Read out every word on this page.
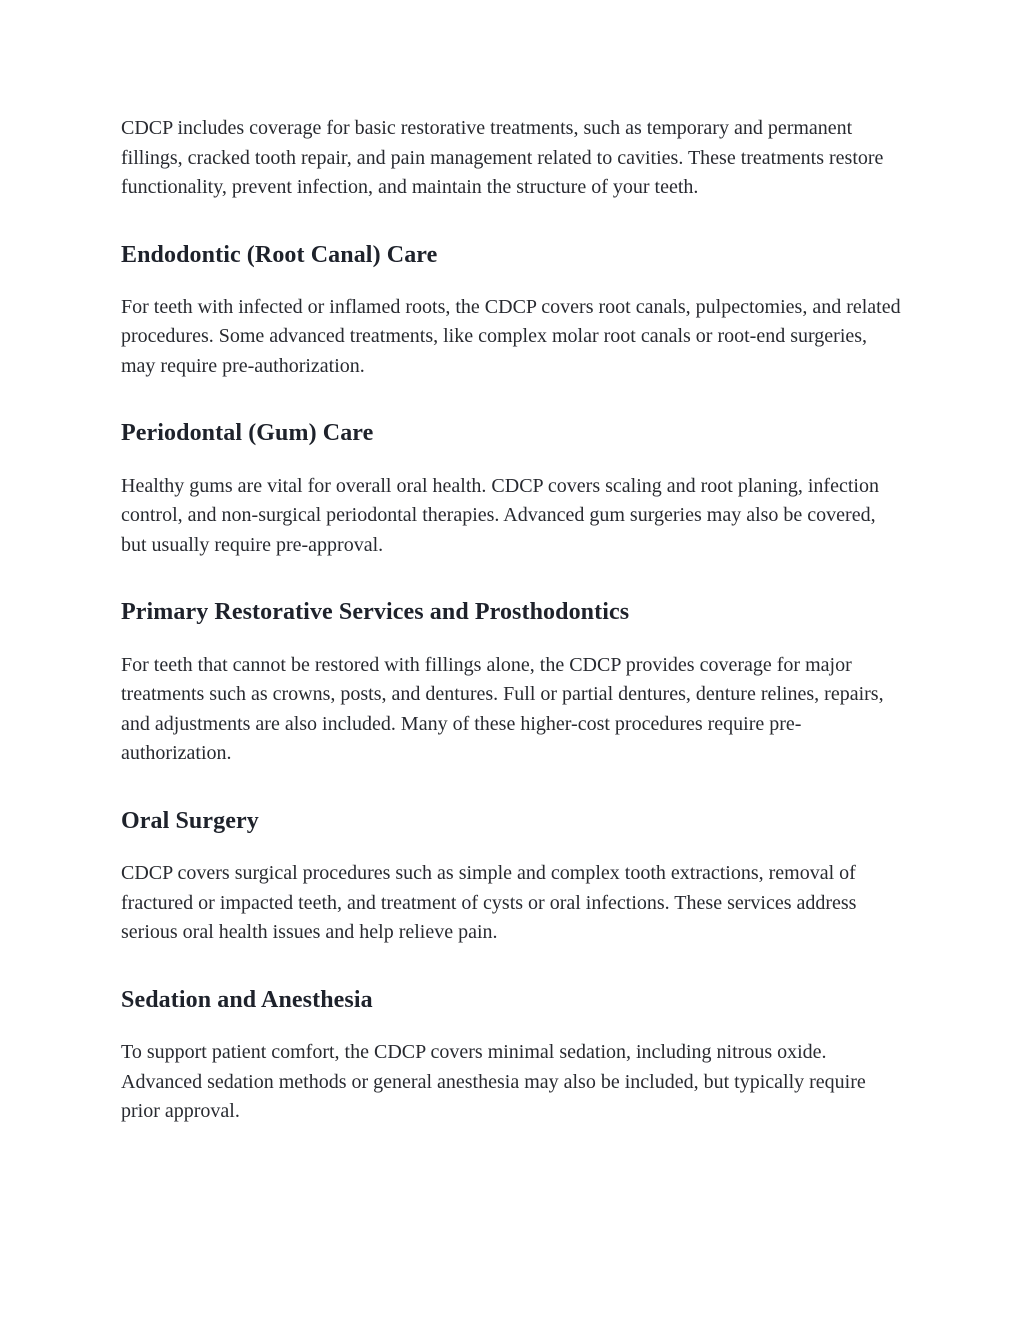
CDCP includes coverage for basic restorative treatments, such as temporary and permanent fillings, cracked tooth repair, and pain management related to cavities. These treatments restore functionality, prevent infection, and maintain the structure of your teeth.

Endodontic (Root Canal) Care

For teeth with infected or inflamed roots, the CDCP covers root canals, pulpectomies, and related procedures. Some advanced treatments, like complex molar root canals or root-end surgeries, may require pre-authorization.

Periodontal (Gum) Care

Healthy gums are vital for overall oral health. CDCP covers scaling and root planing, infection control, and non-surgical periodontal therapies. Advanced gum surgeries may also be covered, but usually require pre-approval.

Primary Restorative Services and Prosthodontics

For teeth that cannot be restored with fillings alone, the CDCP provides coverage for major treatments such as crowns, posts, and dentures. Full or partial dentures, denture relines, repairs, and adjustments are also included. Many of these higher-cost procedures require pre-authorization.

Oral Surgery

CDCP covers surgical procedures such as simple and complex tooth extractions, removal of fractured or impacted teeth, and treatment of cysts or oral infections. These services address serious oral health issues and help relieve pain.

Sedation and Anesthesia

To support patient comfort, the CDCP covers minimal sedation, including nitrous oxide. Advanced sedation methods or general anesthesia may also be included, but typically require prior approval.
